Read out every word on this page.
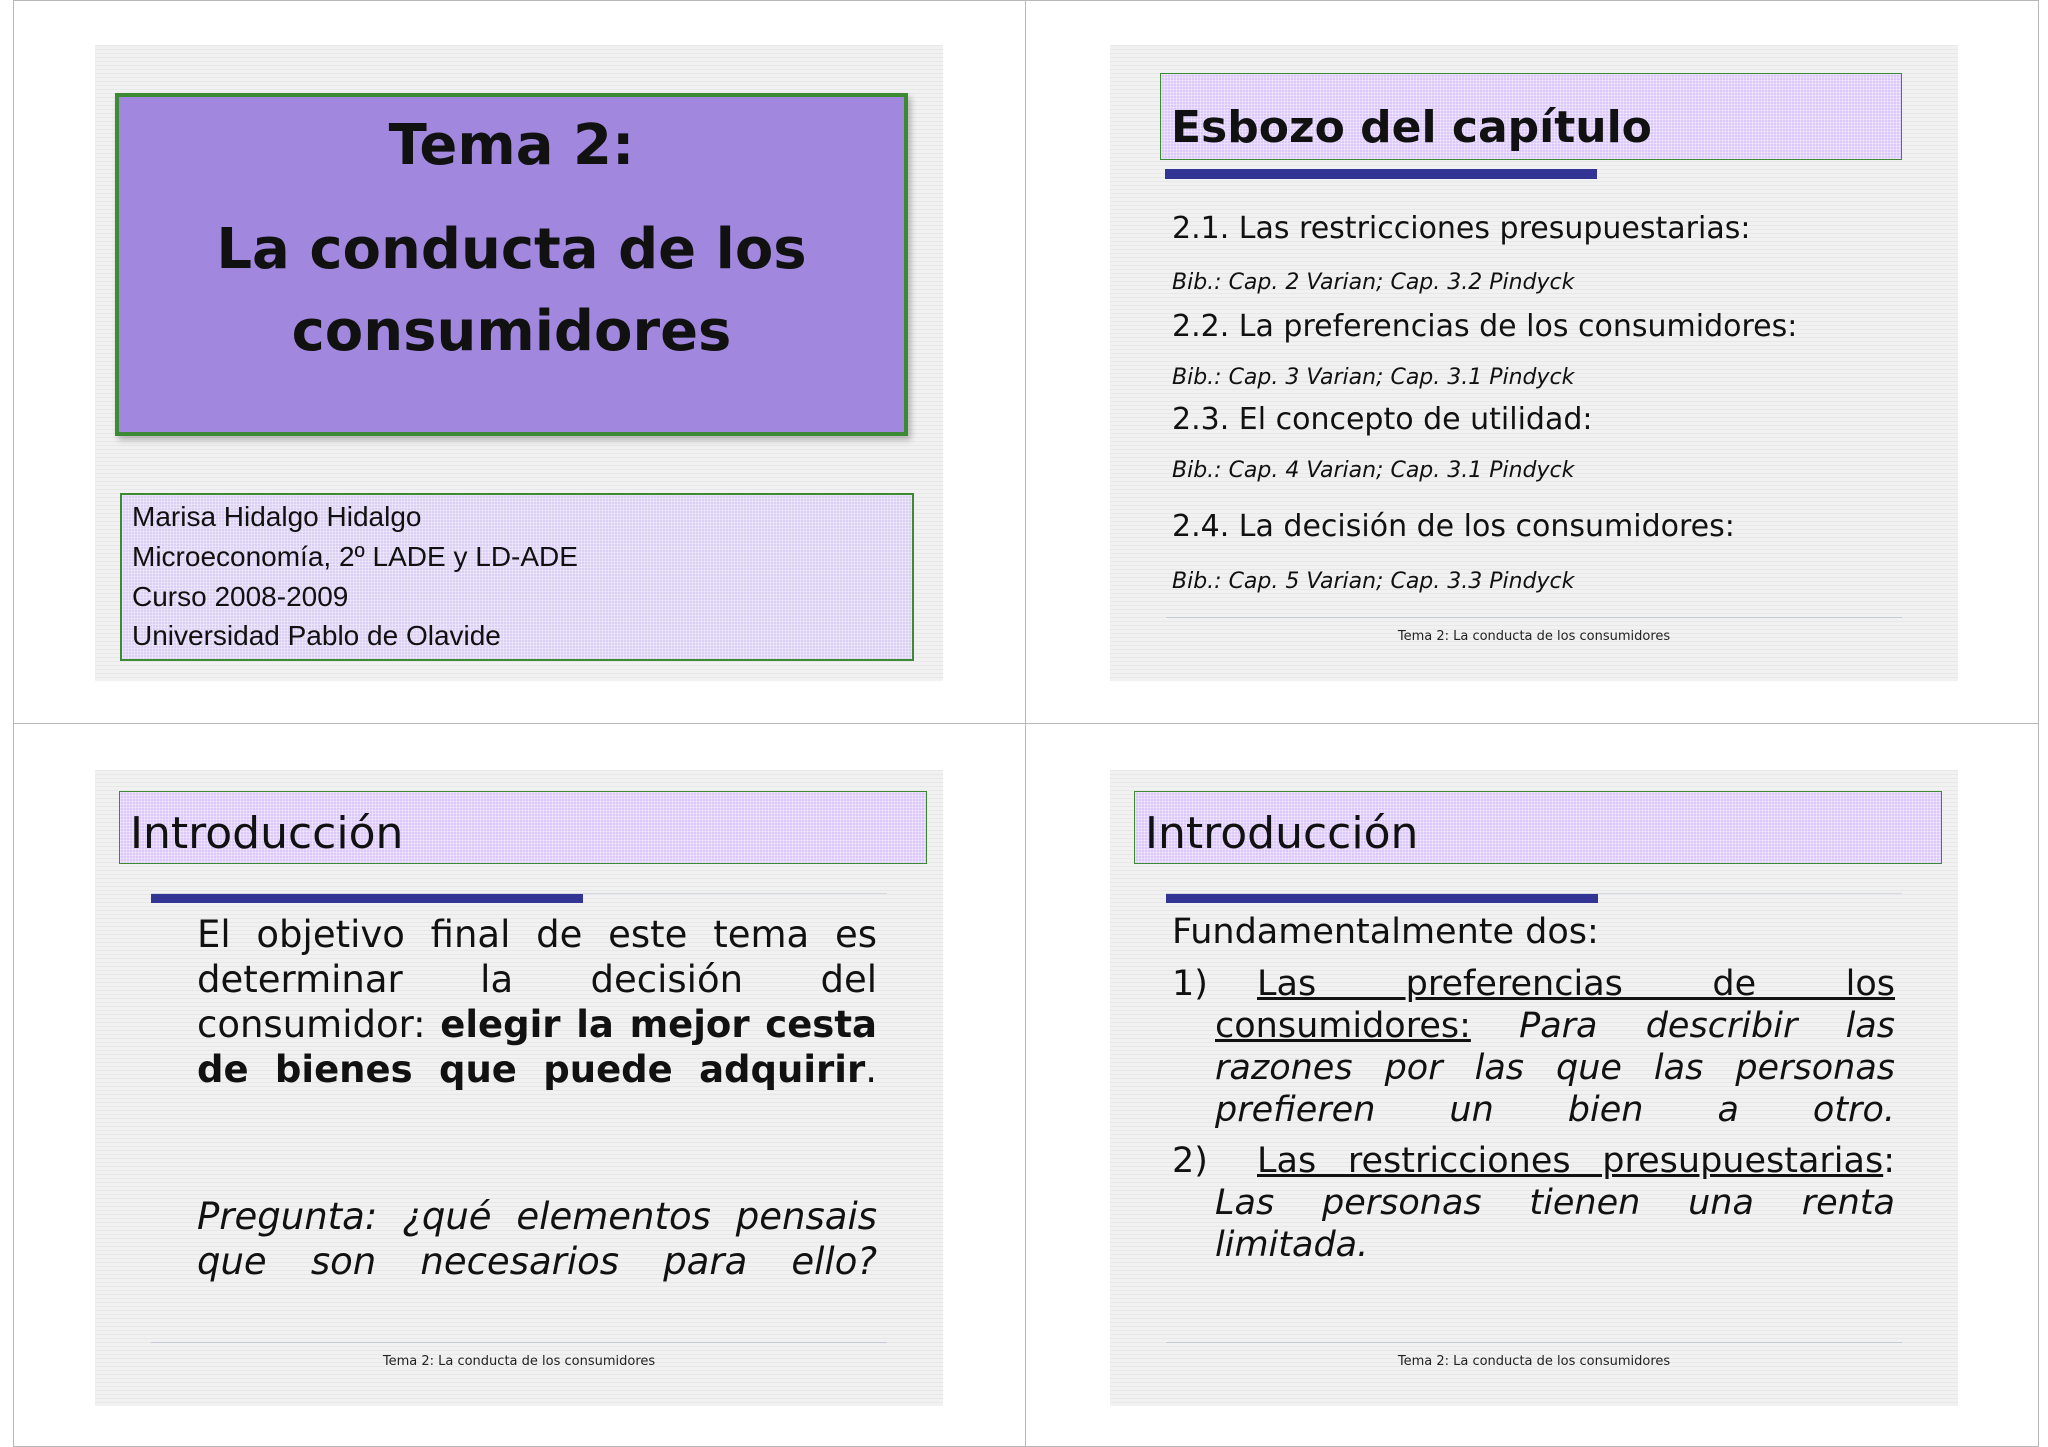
Tema 2:
La conducta de los
consumidores
Marisa Hidalgo Hidalgo
Microeconomía, 2º LADE y LD-ADE
Curso 2008-2009
Universidad Pablo de Olavide
Esbozo del capítulo
2.1. Las restricciones presupuestarias:
Bib.: Cap. 2 Varian; Cap. 3.2 Pindyck
2.2. La preferencias de los consumidores:
Bib.: Cap. 3 Varian; Cap. 3.1 Pindyck
2.3. El concepto de utilidad:
Bib.: Cap. 4 Varian; Cap. 3.1 Pindyck
2.4. La decisión de los consumidores:
Bib.: Cap. 5 Varian; Cap. 3.3 Pindyck
Tema 2: La conducta de los consumidores
Introducción
El objetivo final de este tema es determinar la decisión del consumidor: elegir la mejor cesta de bienes que puede adquirir.
Pregunta: ¿qué elementos pensais que son necesarios para ello?
Tema 2: La conducta de los consumidores
Introducción
Fundamentalmente dos:
1)	Las preferencias de los consumidores: Para describir las razones por las que las personas prefieren un bien a otro.
2)	Las restricciones presupuestarias: Las personas tienen una renta limitada.
Tema 2: La conducta de los consumidores
